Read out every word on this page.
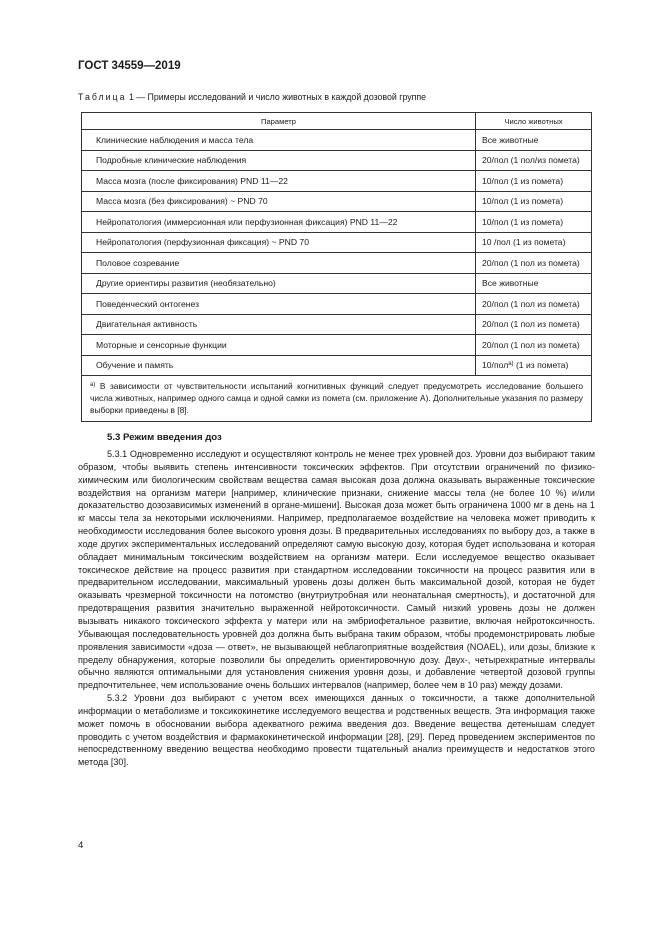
ГОСТ 34559—2019
Таблица 1 — Примеры исследований и число животных в каждой дозовой группе
Параметр	Число животных
Клинические наблюдения и масса тела	Все животные
Подробные клинические наблюдения	20/пол (1 пол/из помета)
Масса мозга (после фиксирования) PND 11—22	10/пол (1 из помета)
Масса мозга (без фиксирования) ~ PND 70	10/пол (1 из помета)
Нейропатология (иммерсионная или перфузионная фиксация) PND 11—22	10/пол (1 из помета)
Нейропатология (перфузионная фиксация) ~ PND 70	10 /пол (1 из помета)
Половое созревание	20/пол (1 пол из помета)
Другие ориентиры развития (необязательно)	Все животные
Поведенческий онтогенез	20/пол (1 пол из помета)
Двигательная активность	20/пол (1 пол из помета)
Моторные и сенсорные функции	20/пол (1 пол из помета)
Обучение и память	10/пол$^{а)}$ (1 из помета)
$^{а)}$ В зависимости от чувствительности испытаний когнитивных функций следует предусмотреть исследование большего числа животных, например одного самца и одной самки из помета (см. приложение А). Дополнительные указания по размеру выборки приведены в [8].	
5.3 Режим введения доз

5.3.1 Одновременно исследуют и осуществляют контроль не менее трех уровней доз. Уровни доз выбирают таким образом, чтобы выявить степень интенсивности токсических эффектов. При отсутствии ограничений по физико-химическим или биологическим свойствам вещества самая высокая доза должна оказывать выраженные токсические воздействия на организм матери [например, клинические признаки, снижение массы тела (не более 10 %) и/или доказательство дозозависимых изменений в органе-мишени]. Высокая доза может быть ограничена 1000 мг в день на 1 кг массы тела за некоторыми исключениями. Например, предполагаемое воздействие на человека может приводить к необходимости исследования более высокого уровня дозы. В предварительных исследованиях по выбору доз, а также в ходе других экспериментальных исследований определяют самую высокую дозу, которая будет использована и которая обладает минимальным токсическим воздействием на организм матери. Если исследуемое вещество оказывает токсическое действие на процесс развития при стандартном исследовании токсичности на процесс развития или в предварительном исследовании, максимальный уровень дозы должен быть максимальной дозой, которая не будет оказывать чрезмерной токсичности на потомство (внутриутробная или неонатальная смертность), и достаточной для предотвращения развития значительно выраженной нейротоксичности. Самый низкий уровень дозы не должен вызывать никакого токсического эффекта у матери или на эмбриофетальное развитие, включая нейротоксичность. Убывающая последовательность уровней доз должна быть выбрана таким образом, чтобы продемонстрировать любые проявления зависимости «доза — ответ», не вызывающей неблагоприятные воздействия (NOAEL), или дозы, близкие к пределу обнаружения, которые позволили бы определить ориентировочную дозу. Двух-, четырехкратные интервалы обычно являются оптимальными для установления снижения уровня дозы, и добавление четвертой дозовой группы предпочтительнее, чем использование очень больших интервалов (например, более чем в 10 раз) между дозами.

5.3.2 Уровни доз выбирают с учетом всех имеющихся данных о токсичности, а также дополнительной информации о метаболизме и токсикокинетике исследуемого вещества и родственных веществ. Эта информация также может помочь в обосновании выбора адекватного режима введения доз. Введение вещества детенышам следует проводить с учетом воздействия и фармакокинетической информации [28], [29]. Перед проведением экспериментов по непосредственному введению вещества необходимо провести тщательный анализ преимуществ и недостатков этого метода [30].

4
